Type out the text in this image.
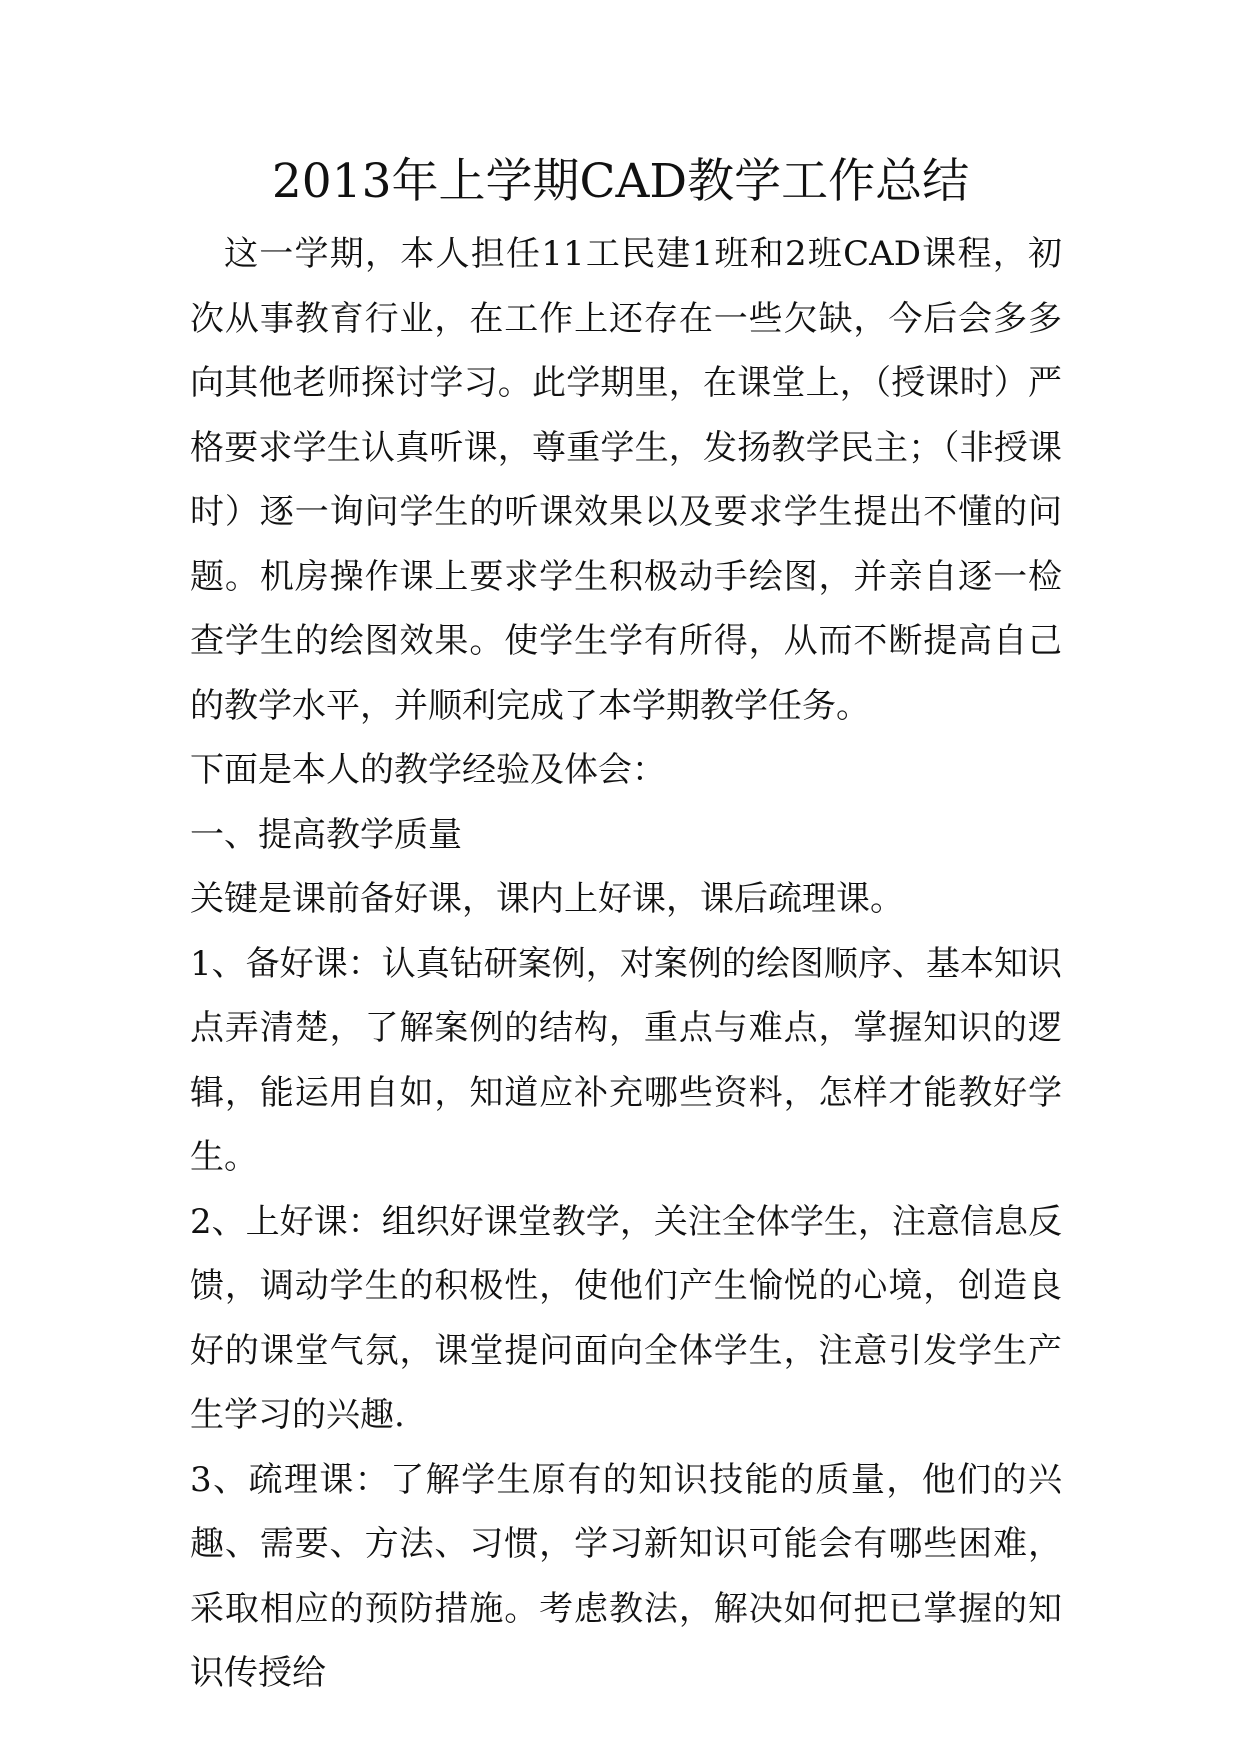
2013年上学期CAD教学工作总结

这一学期，本人担任11工民建1班和2班CAD课程，初次从事教育行业，在工作上还存在一些欠缺，今后会多多向其他老师探讨学习。此学期里，在课堂上，（授课时）严格要求学生认真听课，尊重学生，发扬教学民主；（非授课时）逐一询问学生的听课效果以及要求学生提出不懂的问题。机房操作课上要求学生积极动手绘图，并亲自逐一检查学生的绘图效果。使学生学有所得，从而不断提高自己的教学水平，并顺利完成了本学期教学任务。

下面是本人的教学经验及体会：

一、提高教学质量

关键是课前备好课，课内上好课，课后疏理课。

1、备好课：认真钻研案例，对案例的绘图顺序、基本知识点弄清楚，了解案例的结构，重点与难点，掌握知识的逻辑，能运用自如，知道应补充哪些资料，怎样才能教好学生。

2、上好课：组织好课堂教学，关注全体学生，注意信息反馈，调动学生的积极性，使他们产生愉悦的心境，创造良好的课堂气氛，课堂提问面向全体学生，注意引发学生产生学习的兴趣.

3、疏理课：了解学生原有的知识技能的质量，他们的兴趣、需要、方法、习惯，学习新知识可能会有哪些困难，采取相应的预防措施。考虑教法，解决如何把已掌握的知识传授给
